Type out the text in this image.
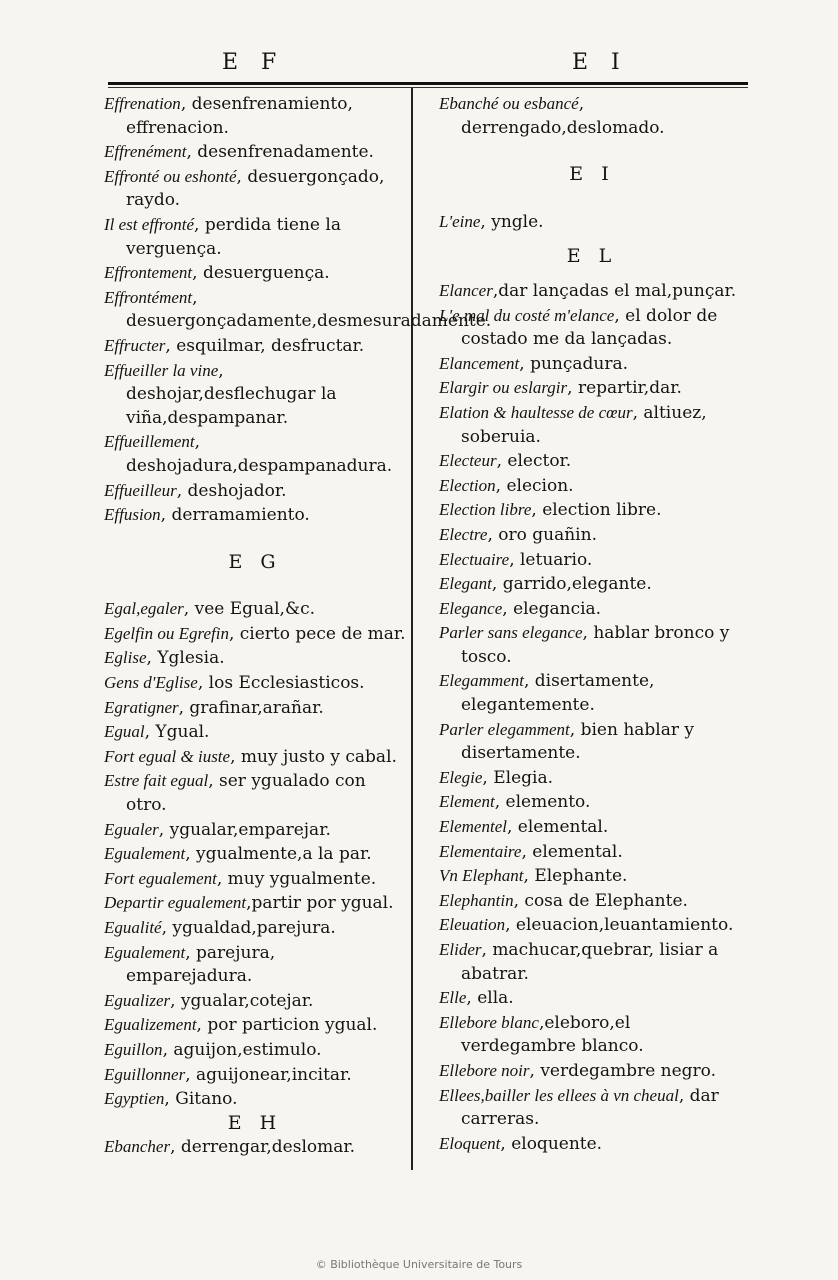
E F	E I

Effrenation, desenfrenamiento, effrenacion.

Effrenément, desenfrenadamente.

Effronté ou eshonté, desuergonçado, raydo.

Il est effronté, perdida tiene la verguença.

Effrontement, desuerguença.

Effrontément, desuergonçadamente,desmesuradamente.

Effructer, esquilmar, desfructar.

Effueiller la vine, deshojar,desflechugar la viña,despampanar.

Effueillement, deshojadura,despampanadura.

Effueilleur, deshojador.

Effusion, derramamiento.

E G

Egal,egaler, vee Egual,&c.

Egelfin ou Egrefin, cierto pece de mar.

Eglise, Yglesia.

Gens d'Eglise, los Ecclesiasticos.

Egratigner, grafinar,arañar.

Egual, Ygual.

Fort egual & iuste, muy justo y cabal.

Estre fait egual, ser ygualado con otro.

Egualer, ygualar,emparejar.

Egualement, ygualmente,a la par.

Fort egualement, muy ygualmente.

Departir egualement,partir por ygual.

Egualité, ygualdad,parejura.

Egualement, parejura, emparejadura.

Egualizer, ygualar,cotejar.

Egualizement, por particion ygual.

Eguillon, aguijon,estimulo.

Eguillonner, aguijonear,incitar.

Egyptien, Gitano.

E H

Ebancher, derrengar,deslomar.

Ebanché ou esbancé, derrengado,deslomado.

E I

L'eine, yngle.

E L

Elancer,dar lançadas el mal,punçar.

L'e mal du costé m'elance, el dolor de costado me da lançadas.

Elancement, punçadura.

Elargir ou eslargir, repartir,dar.

Elation & haultesse de cœur, altiuez, soberuia.

Electeur, elector.

Election, elecion.

Election libre, election libre.

Electre, oro guañin.

Electuaire, letuario.

Elegant, garrido,elegante.

Elegance, elegancia.

Parler sans elegance, hablar bronco y tosco.

Elegamment, disertamente, elegantemente.

Parler elegamment, bien hablar y disertamente.

Elegie, Elegia.

Element, elemento.

Elementel, elemental.

Elementaire, elemental.

Vn Elephant, Elephante.

Elephantin, cosa de Elephante.

Eleuation, eleuacion,leuantamiento.

Elider, machucar,quebrar, lisiar a abatrar.

Elle, ella.

Ellebore blanc,eleboro,el verdegambre blanco.

Ellebore noir, verdegambre negro.

Ellees,bailler les ellees à vn cheual, dar carreras.

Eloquent, eloquente.

© Bibliothèque Universitaire de Tours
